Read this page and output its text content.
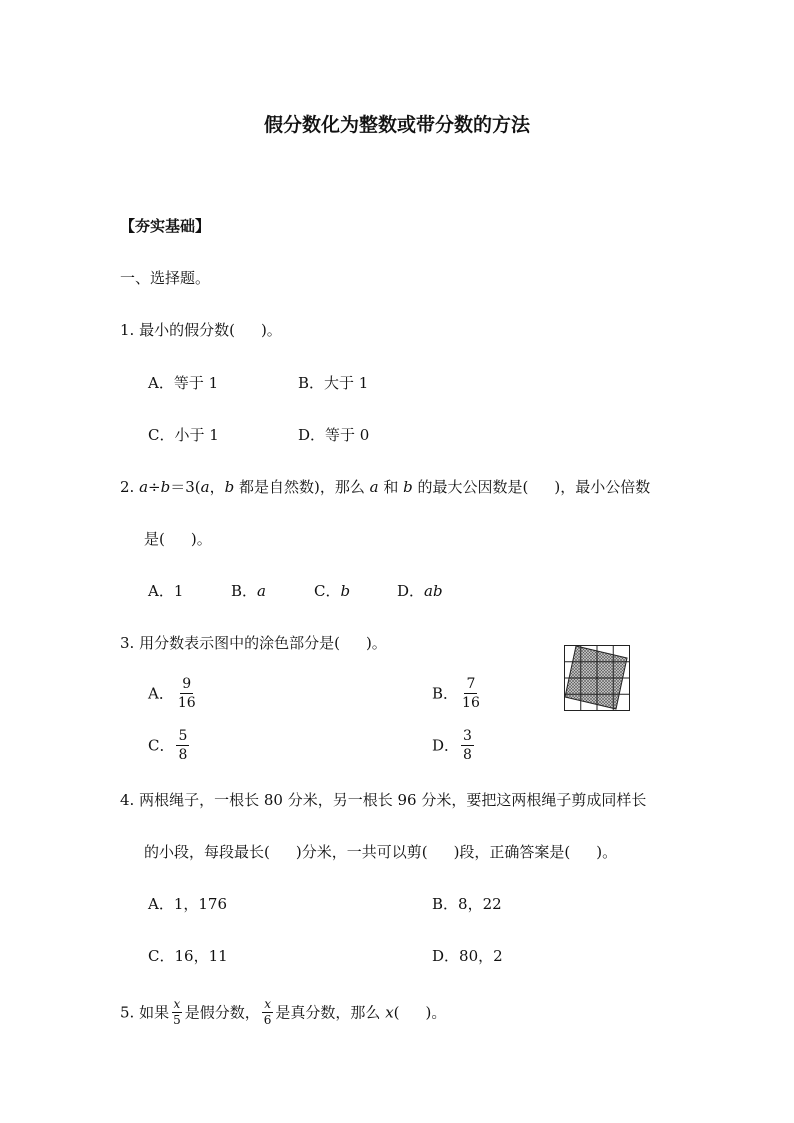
假分数化为整数或带分数的方法
【夯实基础】
一、选择题。
1. 最小的假分数( )。
A．等于 1	B．大于 1
C．小于 1	D．等于 0
2. a÷b＝3(a，b 都是自然数)，那么 a 和 b 的最大公因数是( )，最小公倍数
是( )。
A．1	B．a	C．b	D．ab
3. 用分数表示图中的涂色部分是( )。
A． $\frac{9}{16}$	B． $\frac{7}{16}$
C． $\frac{5}{8}$	D． $\frac{3}{8}$
4. 两根绳子，一根长 80 分米，另一根长 96 分米，要把这两根绳子剪成同样长
的小段，每段最长( )分米，一共可以剪( )段，正确答案是( )。
A．1，176	B．8，22
C．16，11	D．80，2
5. 如果 $\frac{x}{5}$ 是假分数， $\frac{x}{6}$ 是真分数，那么 x( )。
